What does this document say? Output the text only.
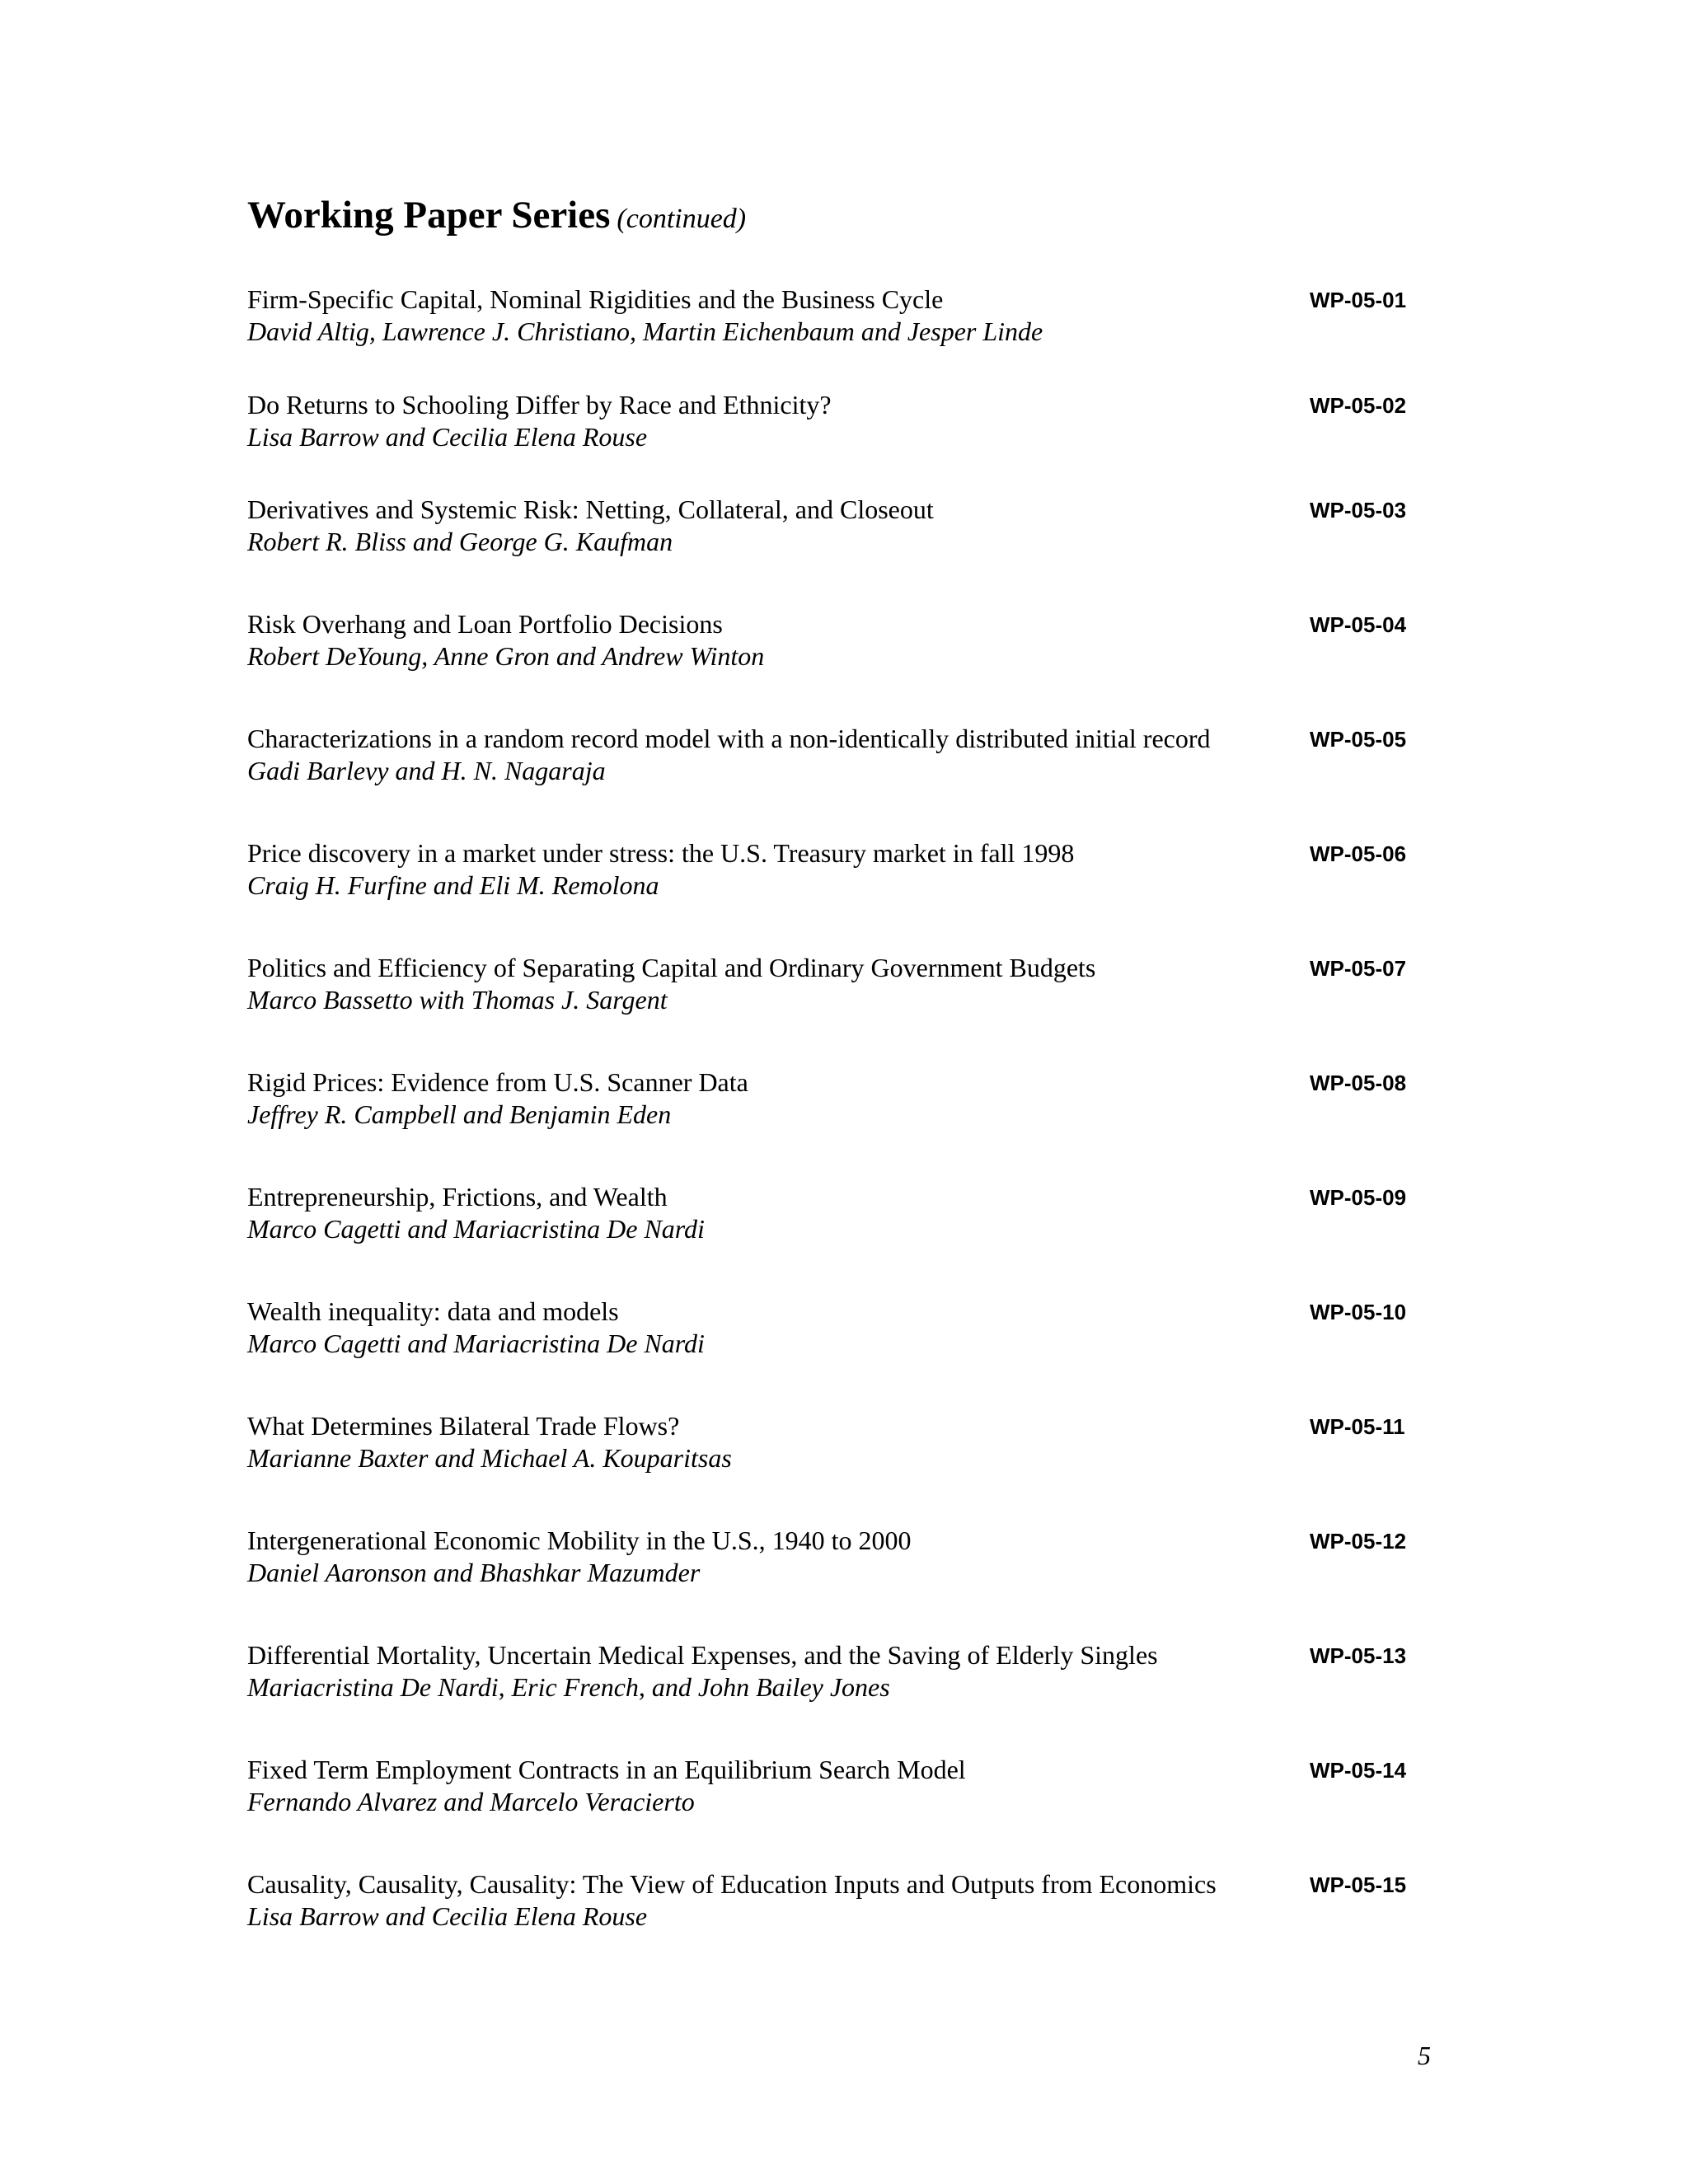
Working Paper Series (continued)
Firm-Specific Capital, Nominal Rigidities and the Business Cycle
David Altig, Lawrence J. Christiano, Martin Eichenbaum and Jesper Linde
WP-05-01
Do Returns to Schooling Differ by Race and Ethnicity?
Lisa Barrow and Cecilia Elena Rouse
WP-05-02
Derivatives and Systemic Risk: Netting, Collateral, and Closeout
Robert R. Bliss and George G. Kaufman
WP-05-03
Risk Overhang and Loan Portfolio Decisions
Robert DeYoung, Anne Gron and Andrew Winton
WP-05-04
Characterizations in a random record model with a non-identically distributed initial record
Gadi Barlevy and H. N. Nagaraja
WP-05-05
Price discovery in a market under stress: the U.S. Treasury market in fall 1998
Craig H. Furfine and Eli M. Remolona
WP-05-06
Politics and Efficiency of Separating Capital and Ordinary Government Budgets
Marco Bassetto with Thomas J. Sargent
WP-05-07
Rigid Prices: Evidence from U.S. Scanner Data
Jeffrey R. Campbell and Benjamin Eden
WP-05-08
Entrepreneurship, Frictions, and Wealth
Marco Cagetti and Mariacristina De Nardi
WP-05-09
Wealth inequality: data and models
Marco Cagetti and Mariacristina De Nardi
WP-05-10
What Determines Bilateral Trade Flows?
Marianne Baxter and Michael A. Kouparitsas
WP-05-11
Intergenerational Economic Mobility in the U.S., 1940 to 2000
Daniel Aaronson and Bhashkar Mazumder
WP-05-12
Differential Mortality, Uncertain Medical Expenses, and the Saving of Elderly Singles
Mariacristina De Nardi, Eric French, and John Bailey Jones
WP-05-13
Fixed Term Employment Contracts in an Equilibrium Search Model
Fernando Alvarez and Marcelo Veracierto
WP-05-14
Causality, Causality, Causality: The View of Education Inputs and Outputs from Economics
Lisa Barrow and Cecilia Elena Rouse
WP-05-15
5
